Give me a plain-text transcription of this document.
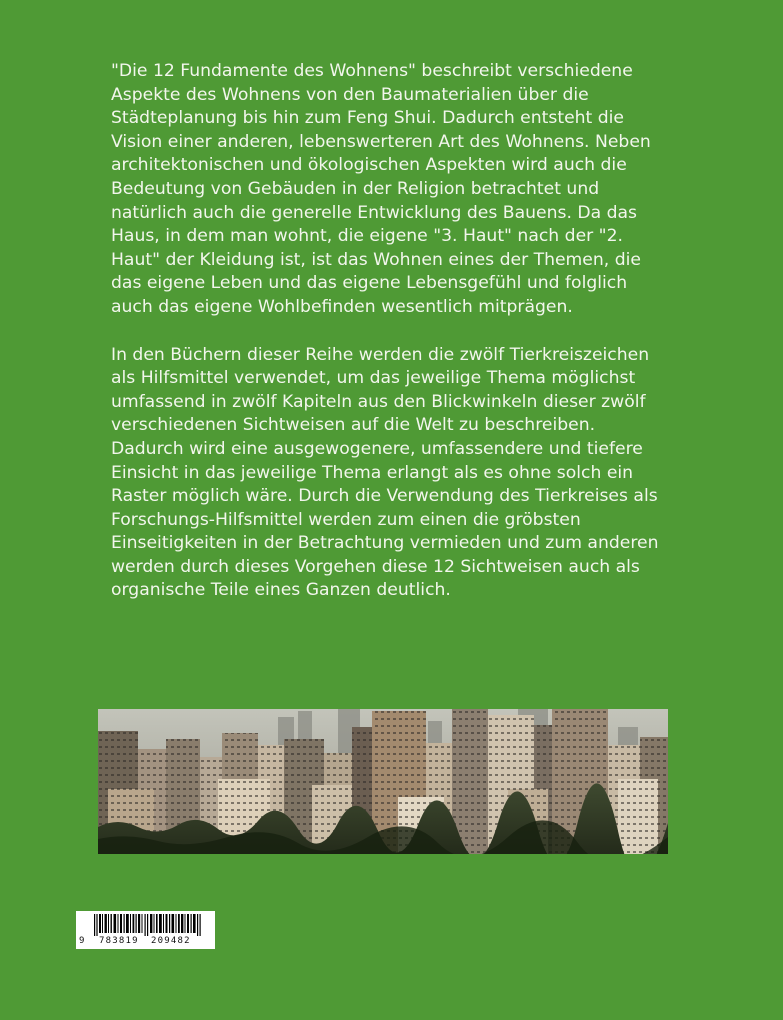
"Die 12 Fundamente des Wohnens" beschreibt verschiedene Aspekte des Wohnens von den Baumaterialien über die Städteplanung bis hin zum Feng Shui. Dadurch entsteht die Vision einer anderen, lebenswerteren Art des Wohnens. Neben architektonischen und ökologischen Aspekten wird auch die Bedeutung von Gebäuden in der Religion betrachtet und natürlich auch die generelle Entwicklung des Bauens. Da das Haus, in dem man wohnt, die eigene "3. Haut" nach der "2. Haut" der Kleidung ist, ist das Wohnen eines der Themen, die das eigene Leben und das eigene Lebensgefühl und folglich auch das eigene Wohlbefinden wesentlich mitprägen.

In den Büchern dieser Reihe werden die zwölf Tierkreiszeichen als Hilfsmittel verwendet, um das jeweilige Thema möglichst umfassend in zwölf Kapiteln aus den Blickwinkeln dieser zwölf verschiedenen Sichtweisen auf die Welt zu beschreiben. Dadurch wird eine ausgewogenere, umfassendere und tiefere Einsicht in das jeweilige Thema erlangt als es ohne solch ein Raster möglich wäre. Durch die Verwendung des Tierkreises als Forschungs-Hilfsmittel werden zum einen die gröbsten Einseitigkeiten in der Betrachtung vermieden und zum anderen werden durch dieses Vorgehen diese 12 Sichtweisen auch als organische Teile eines Ganzen deutlich.

9 783819 209482
